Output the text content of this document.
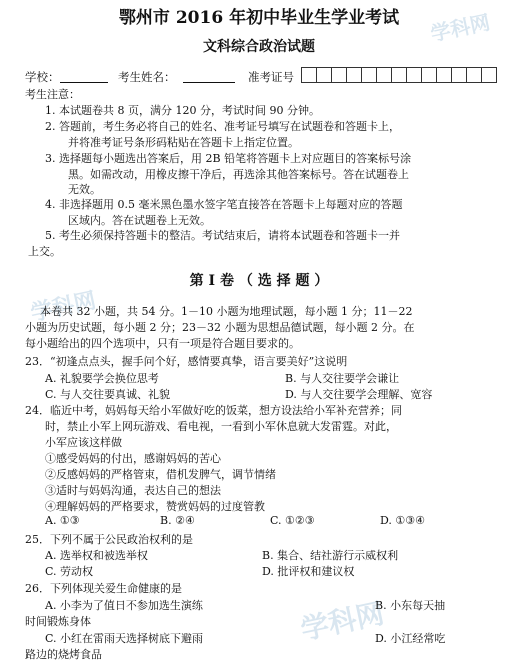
学科网
学科网
学科网
鄂州市 2016 年初中毕业生学业考试
文科综合政治试题
学校：	考生姓名：	准考证号
考生注意：
1. 本试题卷共 8 页，满分 120 分，考试时间 90 分钟。
2. 答题前，考生务必将自己的姓名、准考证号填写在试题卷和答题卡上，
并将准考证号条形码粘贴在答题卡上指定位置。
3. 选择题每小题选出答案后，用 2B 铅笔将答题卡上对应题目的答案标号涂
黑。如需改动，用橡皮擦干净后，再选涂其他答案标号。答在试题卷上
无效。
4. 非选择题用 0.5 毫米黑色墨水签字笔直接答在答题卡上每题对应的答题
区域内。答在试题卷上无效。
5. 考生必须保持答题卡的整洁。考试结束后，请将本试题卷和答题卡一并
上交。
第 I 卷 （ 选 择 题 ）
本卷共 32 小题，共 54 分。1－10 小题为地理试题，每小题 1 分；11－22
小题为历史试题，每小题 2 分；23－32 小题为思想品德试题，每小题 2 分。在
每小题给出的四个选项中，只有一项是符合题目要求的。
23．“初逢点点头，握手问个好，感情要真挚，语言要美好”这说明
A. 礼貌要学会换位思考	B. 与人交往要学会谦让
C. 与人交往要真诚、礼貌	D. 与人交往要学会理解、宽容
24．临近中考，妈妈每天给小军做好吃的饭菜，想方设法给小军补充营养；同
时，禁止小军上网玩游戏、看电视，一看到小军休息就大发雷霆。对此，
小军应该这样做
①感受妈妈的付出，感谢妈妈的苦心
②反感妈妈的严格管束，借机发脾气，调节情绪
③适时与妈妈沟通，表达自己的想法
④理解妈妈的严格要求，赞赏妈妈的过度管教
A. ①③	B. ②④	C. ①②③	D. ①③④
25．下列不属于公民政治权利的是
A. 选举权和被选举权	B. 集合、结社游行示威权利
C. 劳动权	D. 批评权和建议权
26．下列体现关爱生命健康的是
A. 小李为了值日不参加选生演练	B. 小东每天抽
时间锻炼身体
C. 小红在雷雨天选择树底下避雨	D. 小江经常吃
路边的烧烤食品
